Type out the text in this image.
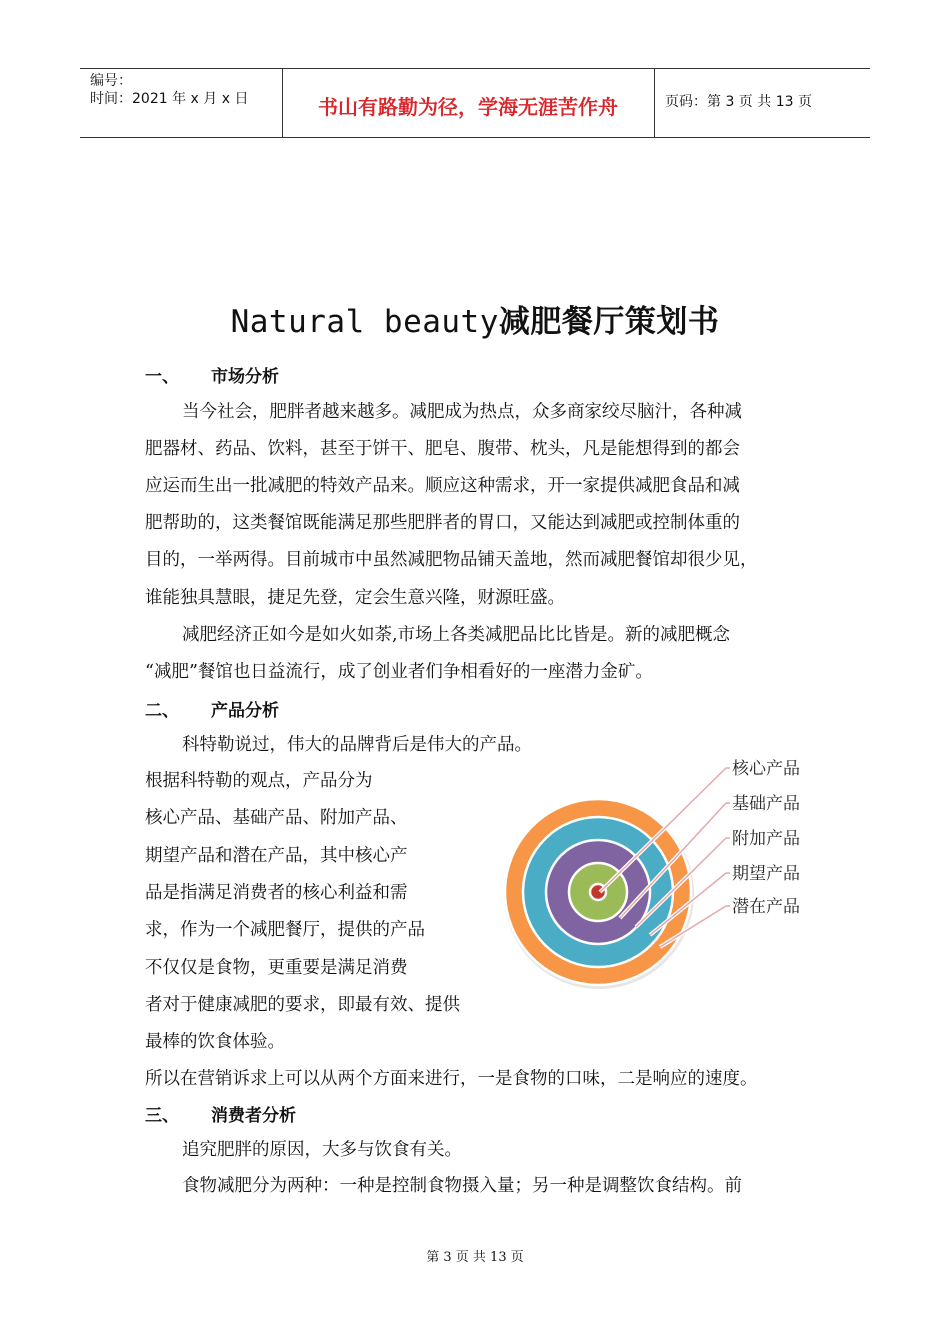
编号：
时间：2021 年 x 月 x 日	书山有路勤为径，学海无涯苦作舟	页码：第 3 页 共 13 页
Natural beauty减肥餐厅策划书
一、 市场分析
当今社会，肥胖者越来越多。减肥成为热点，众多商家绞尽脑汁，各种减
肥器材、药品、饮料，甚至于饼干、肥皂、腹带、枕头，凡是能想得到的都会
应运而生出一批减肥的特效产品来。顺应这种需求，开一家提供减肥食品和减
肥帮助的，这类餐馆既能满足那些肥胖者的胃口，又能达到减肥或控制体重的
目的，一举两得。目前城市中虽然减肥物品铺天盖地，然而减肥餐馆却很少见，
谁能独具慧眼，捷足先登，定会生意兴隆，财源旺盛。
减肥经济正如今是如火如荼,市场上各类减肥品比比皆是。新的减肥概念
“减肥”餐馆也日益流行，成了创业者们争相看好的一座潜力金矿。
二、 产品分析
科特勒说过，伟大的品牌背后是伟大的产品。
根据科特勒的观点，产品分为
核心产品、基础产品、附加产品、
期望产品和潜在产品，其中核心产
品是指满足消费者的核心利益和需
求，作为一个减肥餐厅，提供的产品
不仅仅是食物，更重要是满足消费
者对于健康减肥的要求，即最有效、提供
最棒的饮食体验。
所以在营销诉求上可以从两个方面来进行，一是食物的口味，二是响应的速度。
三、 消费者分析
追究肥胖的原因，大多与饮食有关。
食物减肥分为两种：一种是控制食物摄入量；另一种是调整饮食结构。前
核心产品
基础产品
附加产品
期望产品
潜在产品
第 3 页 共 13 页
